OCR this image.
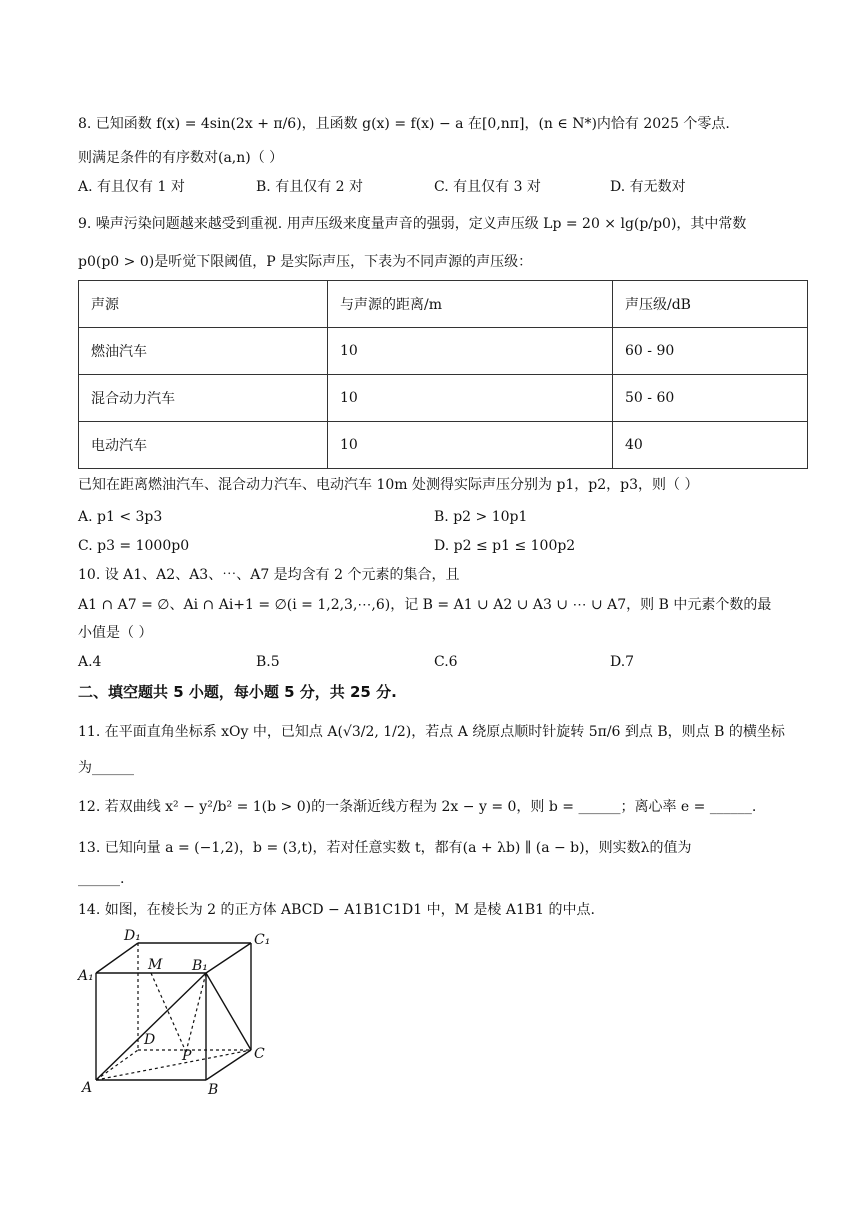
8. 已知函数 f(x) = 4sin(2x + π/6)，且函数 g(x) = f(x) − a 在[0,nπ]，(n ∈ N*)内恰有 2025 个零点.
则满足条件的有序数对(a,n)（ ）
A. 有且仅有 1 对	B. 有且仅有 2 对	C. 有且仅有 3 对	D. 有无数对
9. 噪声污染问题越来越受到重视. 用声压级来度量声音的强弱，定义声压级 Lp = 20 × lg(p/p0)，其中常数
p0(p0 > 0)是听觉下限阈值，P 是实际声压，下表为不同声源的声压级：
声源	与声源的距离/m	声压级/dB
燃油汽车	10	60 - 90
混合动力汽车	10	50 - 60
电动汽车	10	40
已知在距离燃油汽车、混合动力汽车、电动汽车 10m 处测得实际声压分别为 p1，p2，p3，则（ ）
A. p1 < 3p3	B. p2 > 10p1
C. p3 = 1000p0	D. p2 ≤ p1 ≤ 100p2
10. 设 A1、A2、A3、⋯、A7 是均含有 2 个元素的集合，且
A1 ∩ A7 = ∅、Ai ∩ Ai+1 = ∅(i = 1,2,3,⋯,6)，记 B = A1 ∪ A2 ∪ A3 ∪ ⋯ ∪ A7，则 B 中元素个数的最
小值是（ ）
A.4	B.5	C.6	D.7
二、填空题共 5 小题，每小题 5 分，共 25 分.
11. 在平面直角坐标系 xOy 中，已知点 A(√3/2, 1/2)，若点 A 绕原点顺时针旋转 5π/6 到点 B，则点 B 的横坐标
为______
12. 若双曲线 x² − y²/b² = 1(b > 0)的一条渐近线方程为 2x − y = 0，则 b = ______；离心率 e = ______.
13. 已知向量 a = (−1,2)，b = (3,t)，若对任意实数 t，都有(a + λb) ∥ (a − b)，则实数λ的值为
______.
14. 如图，在棱长为 2 的正方体 ABCD − A1B1C1D1 中，M 是棱 A1B1 的中点.
D₁	C₁
A₁
M B₁
D
P	C
A	B
